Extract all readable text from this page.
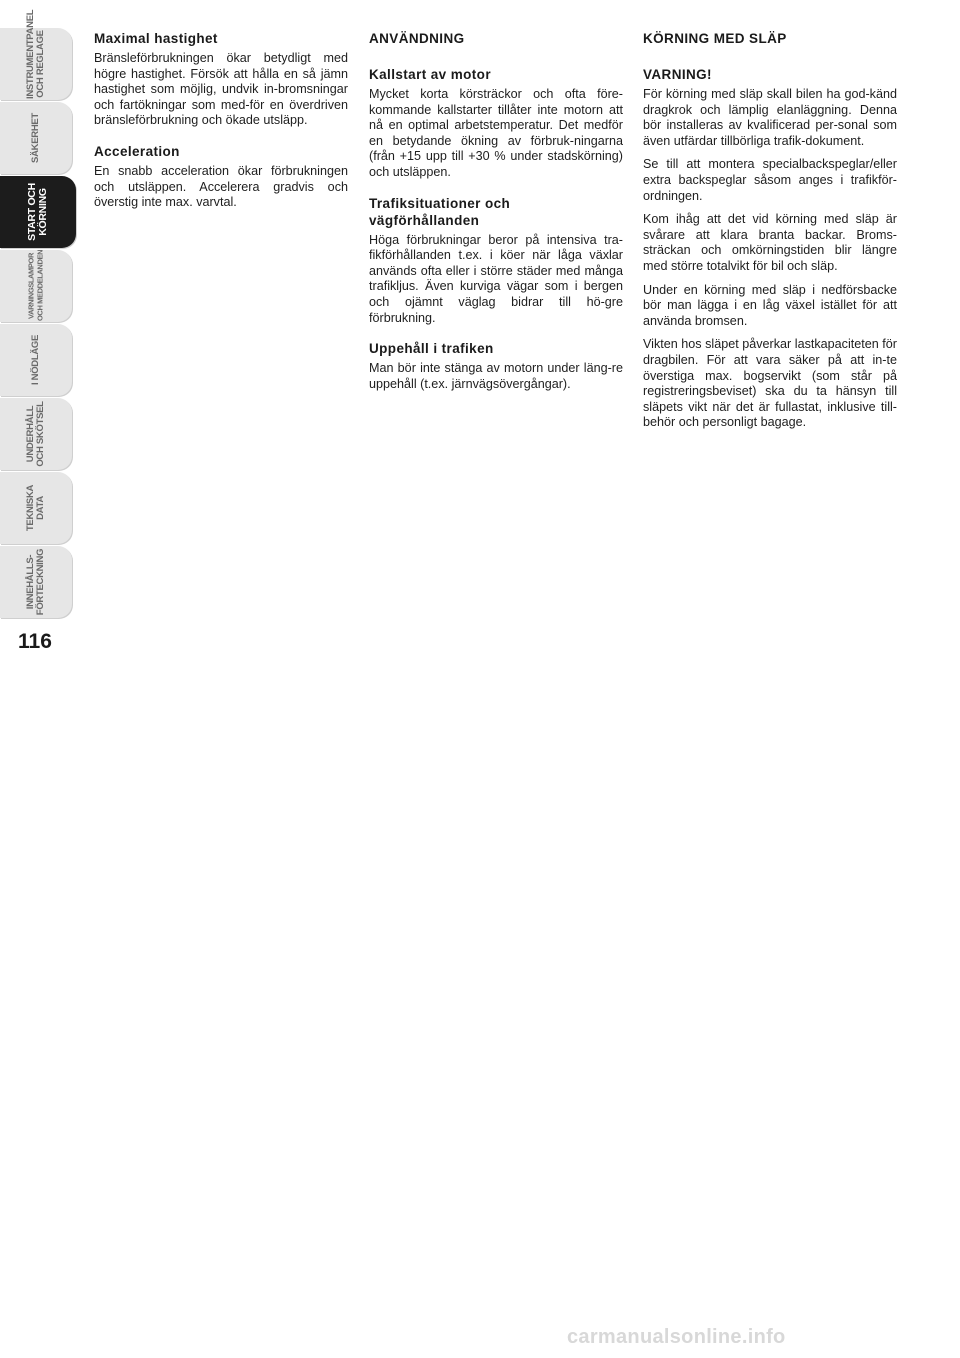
INSTRUMENTPANEL OCH REGLAGE
SÄKERHET
START OCH KÖRNING
VARNINGSLAMPOR OCH MEDDELANDEN
I NÖDLÄGE
UNDERHÅLL OCH SKÖTSEL
TEKNISKA DATA
INNEHÅLLS- FÖRTECKNING
116
Maximal hastighet

Bränsleförbrukningen ökar betydligt med högre hastighet. Försök att hålla en så jämn hastighet som möjlig, undvik in-bromsningar och fartökningar som med-för en överdriven bränsleförbrukning och ökade utsläpp.

Acceleration

En snabb acceleration ökar förbrukningen och utsläppen. Accelerera gradvis och överstig inte max. varvtal.

ANVÄNDNING
Kallstart av motor

Mycket korta körsträckor och ofta före-kommande kallstarter tillåter inte motorn att nå en optimal arbetstemperatur. Det medför en betydande ökning av förbruk-ningarna (från +15 upp till +30 % under stadskörning) och utsläppen.

Trafiksituationer och
vägförhållanden

Höga förbrukningar beror på intensiva tra-fikförhållanden t.ex. i köer när låga växlar används ofta eller i större städer med många trafikljus. Även kurviga vägar som i bergen och ojämnt väglag bidrar till hö-gre förbrukning.

Uppehåll i trafiken

Man bör inte stänga av motorn under läng-re uppehåll (t.ex. järnvägsövergångar).

KÖRNING MED SLÄP
VARNING!

För körning med släp skall bilen ha god-känd dragkrok och lämplig elanläggning. Denna bör installeras av kvalificerad per-sonal som även utfärdar tillbörliga trafik-dokument.

Se till att montera specialbackspeglar/eller extra backspeglar såsom anges i trafikför-ordningen.

Kom ihåg att det vid körning med släp är svårare att klara branta backar. Broms-sträckan och omkörningstiden blir längre med större totalvikt för bil och släp.

Under en körning med släp i nedförsbacke bör man lägga i en låg växel istället för att använda bromsen.

Vikten hos släpet påverkar lastkapaciteten för dragbilen. För att vara säker på att in-te överstiga max. bogservikt (som står på registreringsbeviset) ska du ta hänsyn till släpets vikt när det är fullastat, inklusive till-behör och personligt bagage.

carmanualsonline.info
